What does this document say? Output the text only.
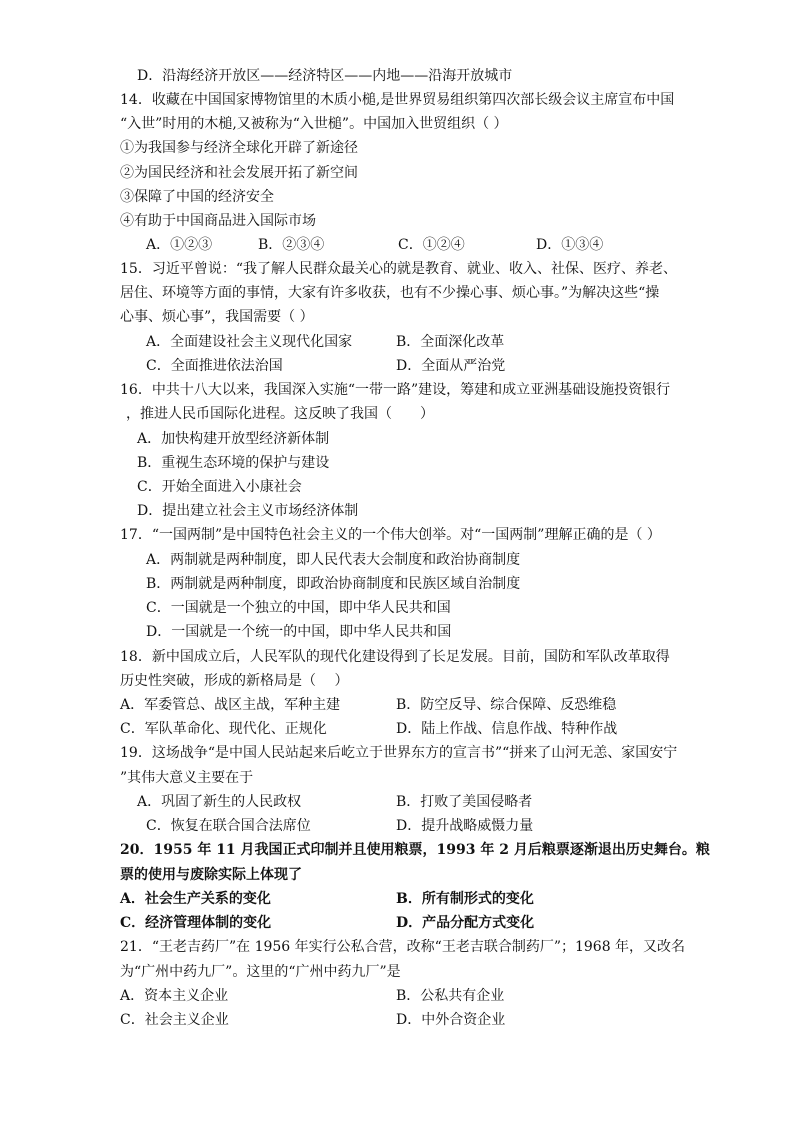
D．沿海经济开放区——经济特区——内地——沿海开放城市
14．收藏在中国国家博物馆里的木质小槌,是世界贸易组织第四次部长级会议主席宣布中国
“入世”时用的木槌,又被称为“入世槌”。中国加入世贸组织（ ）
①为我国参与经济全球化开辟了新途径
②为国民经济和社会发展开拓了新空间
③保障了中国的经济安全
④有助于中国商品进入国际市场
A．①②③	B．②③④	C．①②④	D．①③④
15．习近平曾说：“我了解人民群众最关心的就是教育、就业、收入、社保、医疗、养老、
居住、环境等方面的事情，大家有许多收获，也有不少操心事、烦心事。”为解决这些“操
心事、烦心事”，我国需要（ ）
A．全面建设社会主义现代化国家	B．全面深化改革
C．全面推进依法治国	D．全面从严治党
16．中共十八大以来，我国深入实施“一带一路”建设，筹建和成立亚洲基础设施投资银行
，推进人民币国际化进程。这反映了我国（　　）
A．加快构建开放型经济新体制
B．重视生态环境的保护与建设
C．开始全面进入小康社会
D．提出建立社会主义市场经济体制
17．“一国两制”是中国特色社会主义的一个伟大创举。对“一国两制”理解正确的是（ ）
A．两制就是两种制度，即人民代表大会制度和政治协商制度
B．两制就是两种制度，即政治协商制度和民族区域自治制度
C．一国就是一个独立的中国，即中华人民共和国
D．一国就是一个统一的中国，即中华人民共和国
18．新中国成立后，人民军队的现代化建设得到了长足发展。目前，国防和军队改革取得
历史性突破，形成的新格局是（　 ）
A．军委管总、战区主战，军种主建	B．防空反导、综合保障、反恐维稳
C．军队革命化、现代化、正规化	D．陆上作战、信息作战、特种作战
19．这场战争“是中国人民站起来后屹立于世界东方的宣言书”“拼来了山河无恙、家国安宁
”其伟大意义主要在于
A．巩固了新生的人民政权	B．打败了美国侵略者
C．恢复在联合国合法席位	D．提升战略威慑力量
20．1955 年 11 月我国正式印制并且使用粮票，1993 年 2 月后粮票逐渐退出历史舞台。粮
票的使用与废除实际上体现了
A．社会生产关系的变化	B．所有制形式的变化
C．经济管理体制的变化	D．产品分配方式变化
21．“王老吉药厂”在 1956 年实行公私合营，改称“王老吉联合制药厂”；1968 年，又改名
为“广州中药九厂”。这里的“广州中药九厂”是
A．资本主义企业	B．公私共有企业
C．社会主义企业	D．中外合资企业
